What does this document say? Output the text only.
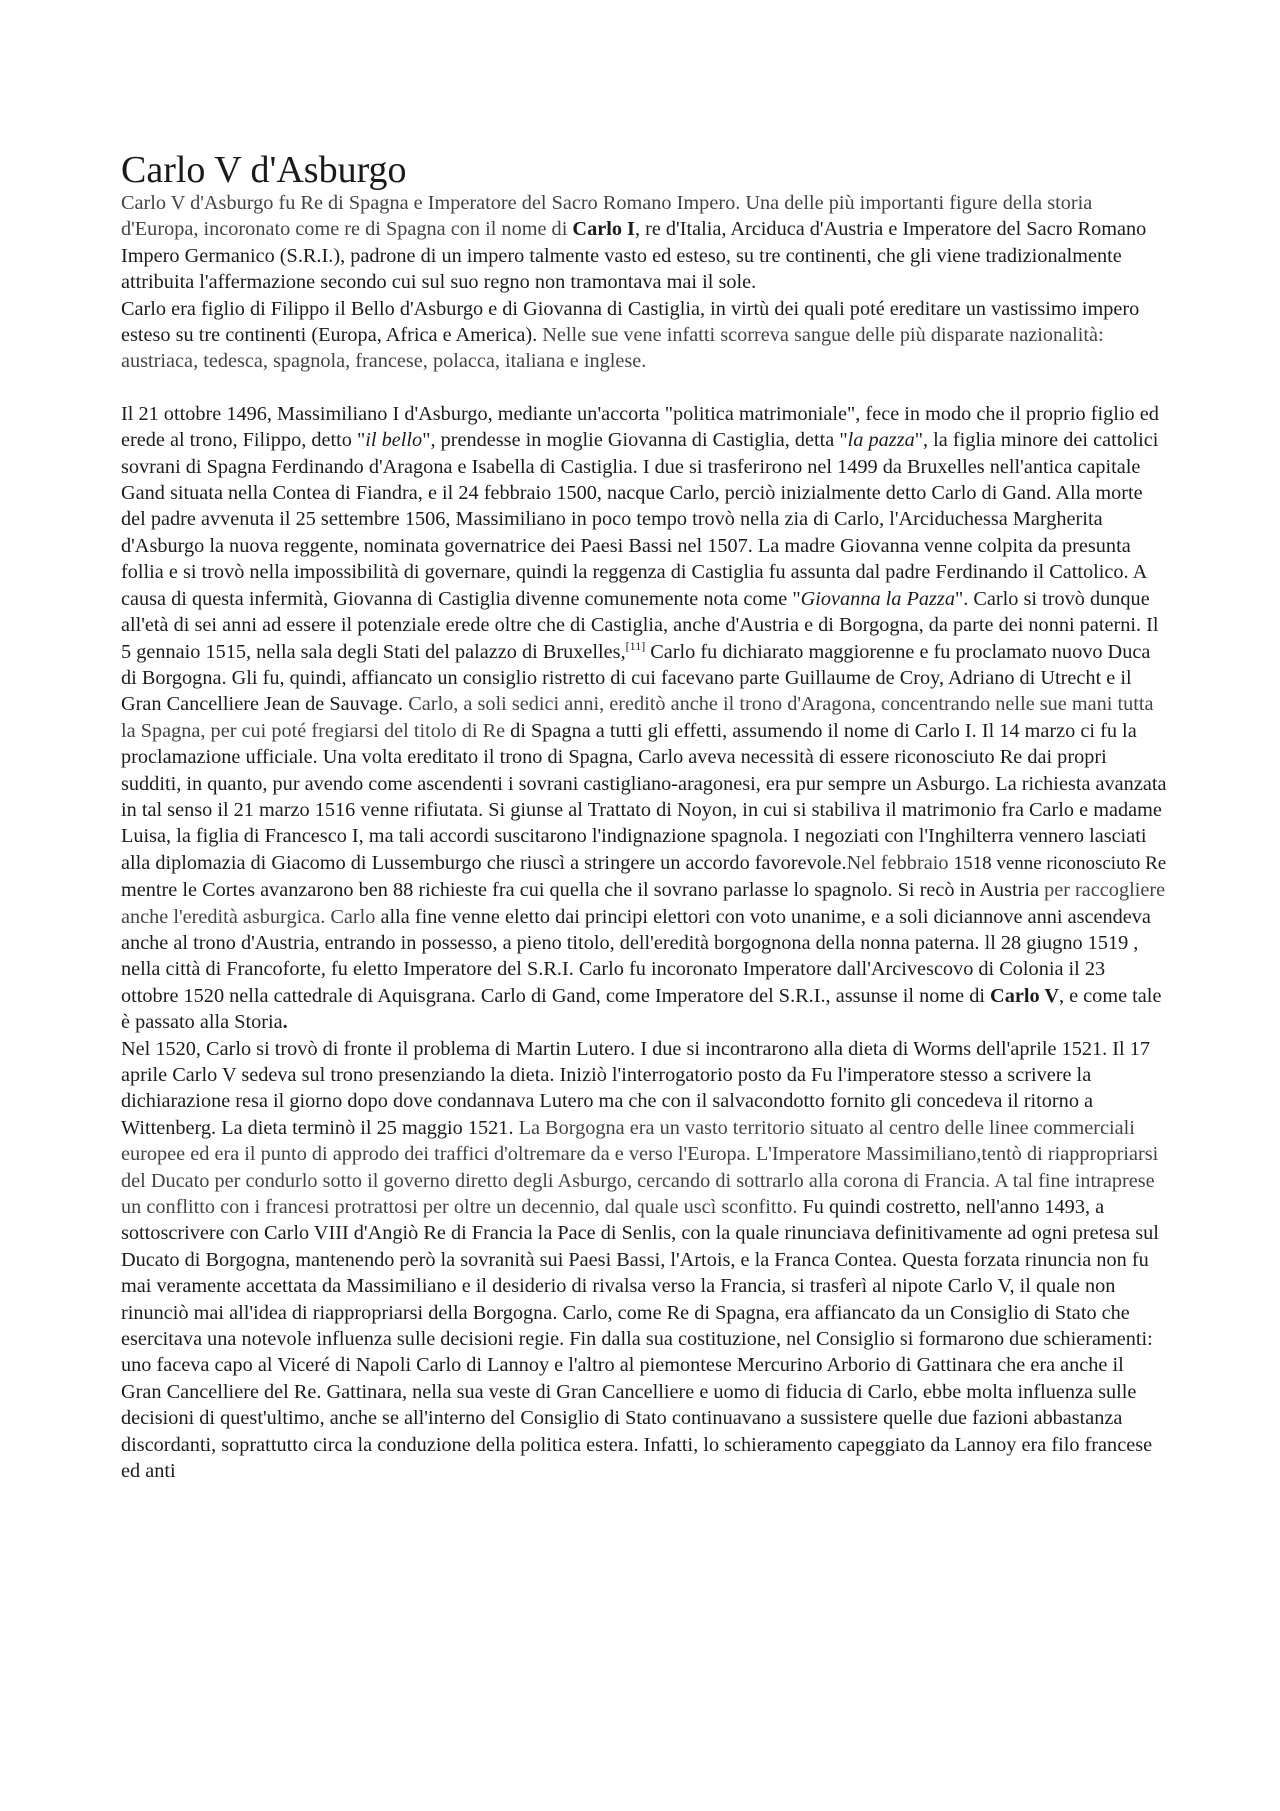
Carlo V d'Asburgo

Carlo V d'Asburgo fu Re di Spagna e Imperatore del Sacro Romano Impero. Una delle più importanti figure della storia d'Europa, incoronato come re di Spagna con il nome di Carlo I, re d'Italia, Arciduca d'Austria e Imperatore del Sacro Romano Impero Germanico (S.R.I.), padrone di un impero talmente vasto ed esteso, su tre continenti, che gli viene tradizionalmente attribuita l'affermazione secondo cui sul suo regno non tramontava mai il sole.

Carlo era figlio di Filippo il Bello d'Asburgo e di Giovanna di Castiglia, in virtù dei quali poté ereditare un vastissimo impero esteso su tre continenti (Europa, Africa e America). Nelle sue vene infatti scorreva sangue delle più disparate nazionalità: austriaca, tedesca, spagnola, francese, polacca, italiana e inglese.

Il 21 ottobre 1496, Massimiliano I d'Asburgo, mediante un'accorta "politica matrimoniale", fece in modo che il proprio figlio ed erede al trono, Filippo, detto "il bello", prendesse in moglie Giovanna di Castiglia, detta "la pazza", la figlia minore dei cattolici sovrani di Spagna Ferdinando d'Aragona e Isabella di Castiglia. I due si trasferirono nel 1499 da Bruxelles nell'antica capitale Gand situata nella Contea di Fiandra, e il 24 febbraio 1500, nacque Carlo, perciò inizialmente detto Carlo di Gand. Alla morte del padre avvenuta il 25 settembre 1506, Massimiliano in poco tempo trovò nella zia di Carlo, l'Arciduchessa Margherita d'Asburgo la nuova reggente, nominata governatrice dei Paesi Bassi nel 1507. La madre Giovanna venne colpita da presunta follia e si trovò nella impossibilità di governare, quindi la reggenza di Castiglia fu assunta dal padre Ferdinando il Cattolico. A causa di questa infermità, Giovanna di Castiglia divenne comunemente nota come "Giovanna la Pazza". Carlo si trovò dunque all'età di sei anni ad essere il potenziale erede oltre che di Castiglia, anche d'Austria e di Borgogna, da parte dei nonni paterni. Il 5 gennaio 1515, nella sala degli Stati del palazzo di Bruxelles,[11] Carlo fu dichiarato maggiorenne e fu proclamato nuovo Duca di Borgogna. Gli fu, quindi, affiancato un consiglio ristretto di cui facevano parte Guillaume de Croy, Adriano di Utrecht e il Gran Cancelliere Jean de Sauvage. Carlo, a soli sedici anni, ereditò anche il trono d'Aragona, concentrando nelle sue mani tutta la Spagna, per cui poté fregiarsi del titolo di Re di Spagna a tutti gli effetti, assumendo il nome di Carlo I. Il 14 marzo ci fu la proclamazione ufficiale. Una volta ereditato il trono di Spagna, Carlo aveva necessità di essere riconosciuto Re dai propri sudditi, in quanto, pur avendo come ascendenti i sovrani castigliano-aragonesi, era pur sempre un Asburgo. La richiesta avanzata in tal senso il 21 marzo 1516 venne rifiutata. Si giunse al Trattato di Noyon, in cui si stabiliva il matrimonio fra Carlo e madame Luisa, la figlia di Francesco I, ma tali accordi suscitarono l'indignazione spagnola. I negoziati con l'Inghilterra vennero lasciati alla diplomazia di Giacomo di Lussemburgo che riuscì a stringere un accordo favorevole.Nel febbraio 1518 venne riconosciuto Re mentre le Cortes avanzarono ben 88 richieste fra cui quella che il sovrano parlasse lo spagnolo. Si recò in Austria per raccogliere anche l'eredità asburgica. Carlo alla fine venne eletto dai principi elettori con voto unanime, e a soli diciannove anni ascendeva anche al trono d'Austria, entrando in possesso, a pieno titolo, dell'eredità borgognona della nonna paterna. ll 28 giugno 1519 , nella città di Francoforte, fu eletto Imperatore del S.R.I. Carlo fu incoronato Imperatore dall'Arcivescovo di Colonia il 23 ottobre 1520 nella cattedrale di Aquisgrana. Carlo di Gand, come Imperatore del S.R.I., assunse il nome di Carlo V, e come tale è passato alla Storia.

Nel 1520, Carlo si trovò di fronte il problema di Martin Lutero. I due si incontrarono alla dieta di Worms dell'aprile 1521. Il 17 aprile Carlo V sedeva sul trono presenziando la dieta. Iniziò l'interrogatorio posto da Fu l'imperatore stesso a scrivere la dichiarazione resa il giorno dopo dove condannava Lutero ma che con il salvacondotto fornito gli concedeva il ritorno a Wittenberg. La dieta terminò il 25 maggio 1521. La Borgogna era un vasto territorio situato al centro delle linee commerciali europee ed era il punto di approdo dei traffici d'oltremare da e verso l'Europa. L'Imperatore Massimiliano,tentò di riappropriarsi del Ducato per condurlo sotto il governo diretto degli Asburgo, cercando di sottrarlo alla corona di Francia. A tal fine intraprese un conflitto con i francesi protrattosi per oltre un decennio, dal quale uscì sconfitto. Fu quindi costretto, nell'anno 1493, a sottoscrivere con Carlo VIII d'Angiò Re di Francia la Pace di Senlis, con la quale rinunciava definitivamente ad ogni pretesa sul Ducato di Borgogna, mantenendo però la sovranità sui Paesi Bassi, l'Artois, e la Franca Contea. Questa forzata rinuncia non fu mai veramente accettata da Massimiliano e il desiderio di rivalsa verso la Francia, si trasferì al nipote Carlo V, il quale non rinunciò mai all'idea di riappropriarsi della Borgogna. Carlo, come Re di Spagna, era affiancato da un Consiglio di Stato che esercitava una notevole influenza sulle decisioni regie. Fin dalla sua costituzione, nel Consiglio si formarono due schieramenti: uno faceva capo al Viceré di Napoli Carlo di Lannoy e l'altro al piemontese Mercurino Arborio di Gattinara che era anche il Gran Cancelliere del Re. Gattinara, nella sua veste di Gran Cancelliere e uomo di fiducia di Carlo, ebbe molta influenza sulle decisioni di quest'ultimo, anche se all'interno del Consiglio di Stato continuavano a sussistere quelle due fazioni abbastanza discordanti, soprattutto circa la conduzione della politica estera. Infatti, lo schieramento capeggiato da Lannoy era filo francese ed anti
